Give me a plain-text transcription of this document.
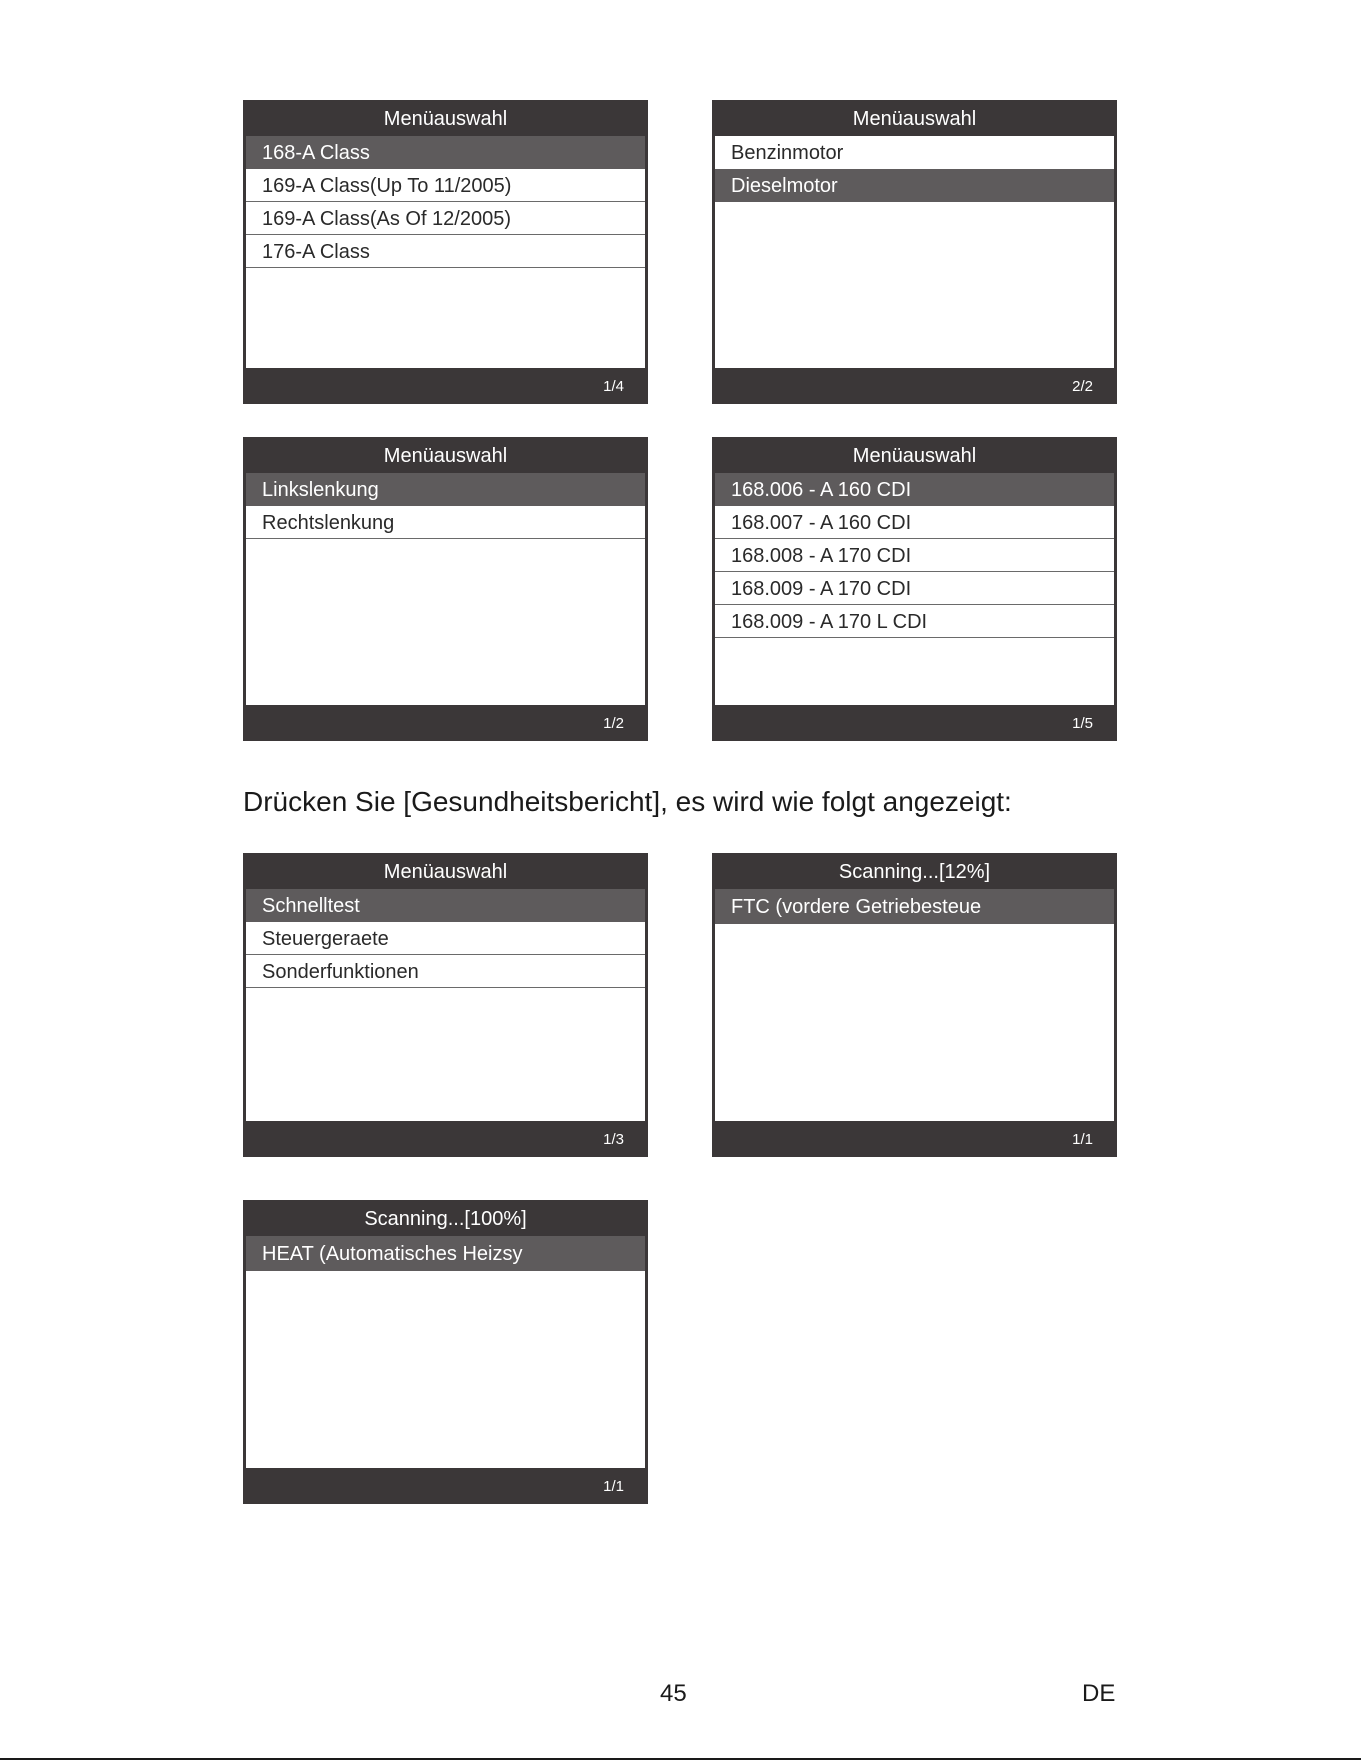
Menüauswahl
168-A Class
169-A Class(Up To 11/2005)
169-A Class(As Of 12/2005)
176-A Class
1/4
Menüauswahl
Benzinmotor
Dieselmotor
2/2
Menüauswahl
Linkslenkung
Rechtslenkung
1/2
Menüauswahl
168.006 - A 160 CDI
168.007 - A 160 CDI
168.008 - A 170 CDI
168.009 - A 170 CDI
168.009 - A 170 L CDI
1/5
Drücken Sie [Gesundheitsbericht], es wird wie folgt angezeigt:
Menüauswahl
Schnelltest
Steuergeraete
Sonderfunktionen
1/3
Scanning...[12%]
FTC (vordere Getriebesteue
1/1
Scanning...[100%]
HEAT (Automatisches Heizsy
1/1
45	DE
